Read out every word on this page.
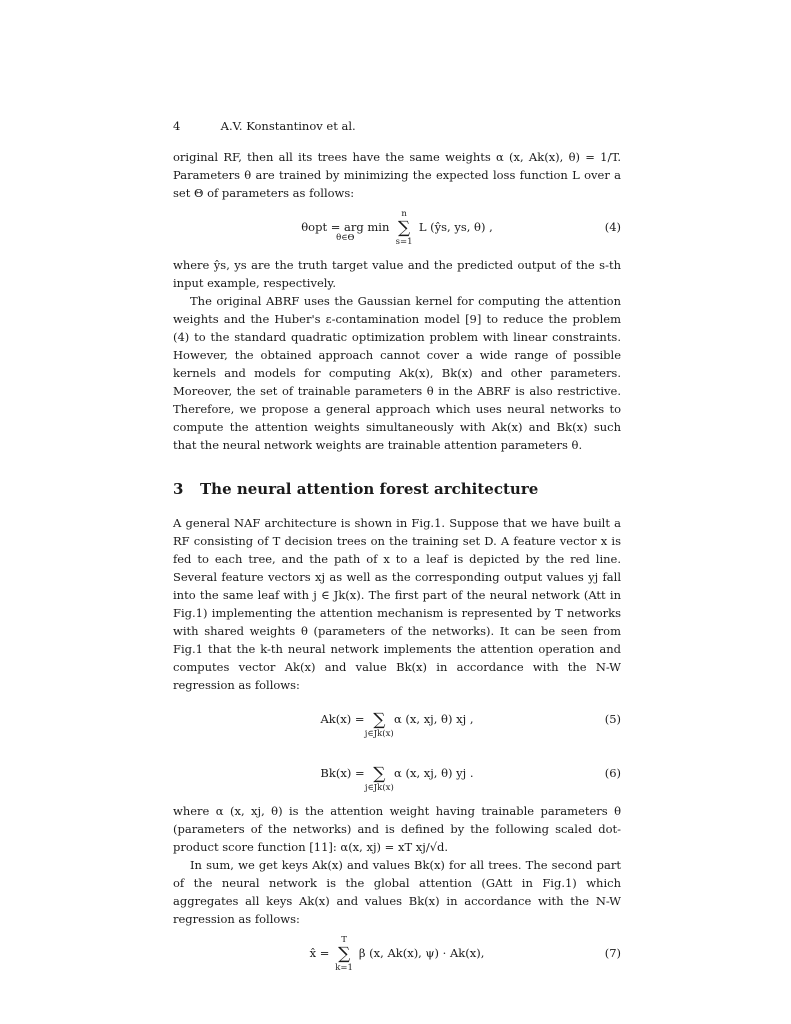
4	A.V. Konstantinov et al.

original RF, then all its trees have the same weights α (x, Ak(x), θ) = 1/T. Parameters θ are trained by minimizing the expected loss function L over a set Θ of parameters as follows:

θopt = arg min
θ∈Θ	∑
n
s=1
L (ŷs, ys, θ) ,	(4)

where ŷs, ys are the truth target value and the predicted output of the s-th input example, respectively.

The original ABRF uses the Gaussian kernel for computing the attention weights and the Huber's ε-contamination model [9] to reduce the problem (4) to the standard quadratic optimization problem with linear constraints. However, the obtained approach cannot cover a wide range of possible kernels and models for computing Ak(x), Bk(x) and other parameters. Moreover, the set of trainable parameters θ in the ABRF is also restrictive. Therefore, we propose a general approach which uses neural networks to compute the attention weights simultaneously with Ak(x) and Bk(x) such that the neural network weights are trainable attention parameters θ.

3 The neural attention forest architecture

A general NAF architecture is shown in Fig.1. Suppose that we have built a RF consisting of T decision trees on the training set D. A feature vector x is fed to each tree, and the path of x to a leaf is depicted by the red line. Several feature vectors xj as well as the corresponding output values yj fall into the same leaf with j ∈ Jk(x). The first part of the neural network (Att in Fig.1) implementing the attention mechanism is represented by T networks with shared weights θ (parameters of the networks). It can be seen from Fig.1 that the k-th neural network implements the attention operation and computes vector Ak(x) and value Bk(x) in accordance with the N-W regression as follows:

Ak(x) = ∑
j∈Jk(x)
α (x, xj, θ) xj ,	(5)
Bk(x) = ∑
j∈Jk(x)
α (x, xj, θ) yj .	(6)

where α (x, xj, θ) is the attention weight having trainable parameters θ (parameters of the networks) and is defined by the following scaled dot-product score function [11]: α(x, xj) = xT xj/√d.

In sum, we get keys Ak(x) and values Bk(x) for all trees. The second part of the neural network is the global attention (GAtt in Fig.1) which aggregates all keys Ak(x) and values Bk(x) in accordance with the N-W regression as follows:

x̂ = ∑
T
k=1
β (x, Ak(x), ψ) · Ak(x),	(7)
